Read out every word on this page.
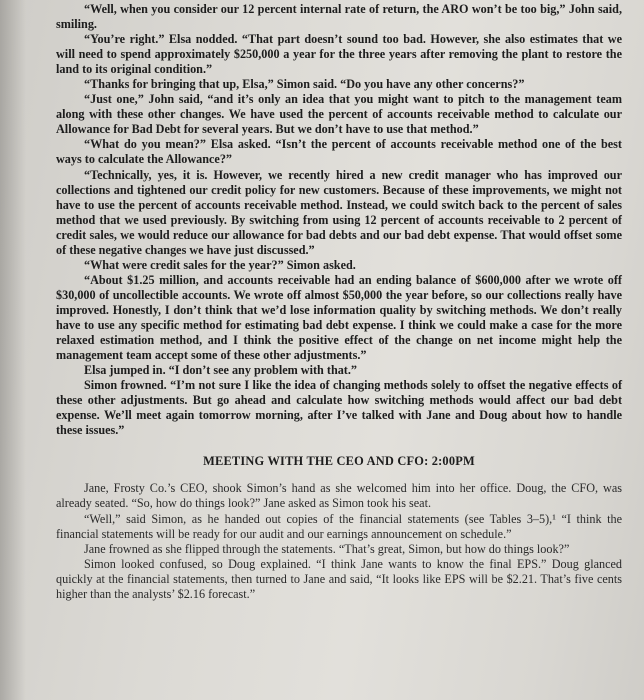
“Well, when you consider our 12 percent internal rate of return, the ARO won’t be too big,” John said, smiling.

“You’re right.” Elsa nodded. “That part doesn’t sound too bad. However, she also estimates that we will need to spend approximately $250,000 a year for the three years after removing the plant to restore the land to its original condition.”

“Thanks for bringing that up, Elsa,” Simon said. “Do you have any other concerns?”

“Just one,” John said, “and it’s only an idea that you might want to pitch to the management team along with these other changes. We have used the percent of accounts receivable method to calculate our Allowance for Bad Debt for several years. But we don’t have to use that method.”

“What do you mean?” Elsa asked. “Isn’t the percent of accounts receivable method one of the best ways to calculate the Allowance?”

“Technically, yes, it is. However, we recently hired a new credit manager who has improved our collections and tightened our credit policy for new customers. Because of these improvements, we might not have to use the percent of accounts receivable method. Instead, we could switch back to the percent of sales method that we used previously. By switching from using 12 percent of accounts receivable to 2 percent of credit sales, we would reduce our allowance for bad debts and our bad debt expense. That would offset some of these negative changes we have just discussed.”

“What were credit sales for the year?” Simon asked.

“About $1.25 million, and accounts receivable had an ending balance of $600,000 after we wrote off $30,000 of uncollectible accounts. We wrote off almost $50,000 the year before, so our collections really have improved. Honestly, I don’t think that we’d lose information quality by switching methods. We don’t really have to use any specific method for estimating bad debt expense. I think we could make a case for the more relaxed estimation method, and I think the positive effect of the change on net income might help the management team accept some of these other adjustments.”

Elsa jumped in. “I don’t see any problem with that.”

Simon frowned. “I’m not sure I like the idea of changing methods solely to offset the negative effects of these other adjustments. But go ahead and calculate how switching methods would affect our bad debt expense. We’ll meet again tomorrow morning, after I’ve talked with Jane and Doug about how to handle these issues.”

MEETING WITH THE CEO AND CFO: 2:00PM

Jane, Frosty Co.’s CEO, shook Simon’s hand as she welcomed him into her office. Doug, the CFO, was already seated. “So, how do things look?” Jane asked as Simon took his seat.

“Well,” said Simon, as he handed out copies of the financial statements (see Tables 3–5),¹ “I think the financial statements will be ready for our audit and our earnings announcement on schedule.”

Jane frowned as she flipped through the statements. “That’s great, Simon, but how do things look?”

Simon looked confused, so Doug explained. “I think Jane wants to know the final EPS.” Doug glanced quickly at the financial statements, then turned to Jane and said, “It looks like EPS will be $2.21. That’s five cents higher than the analysts’ $2.16 forecast.”
